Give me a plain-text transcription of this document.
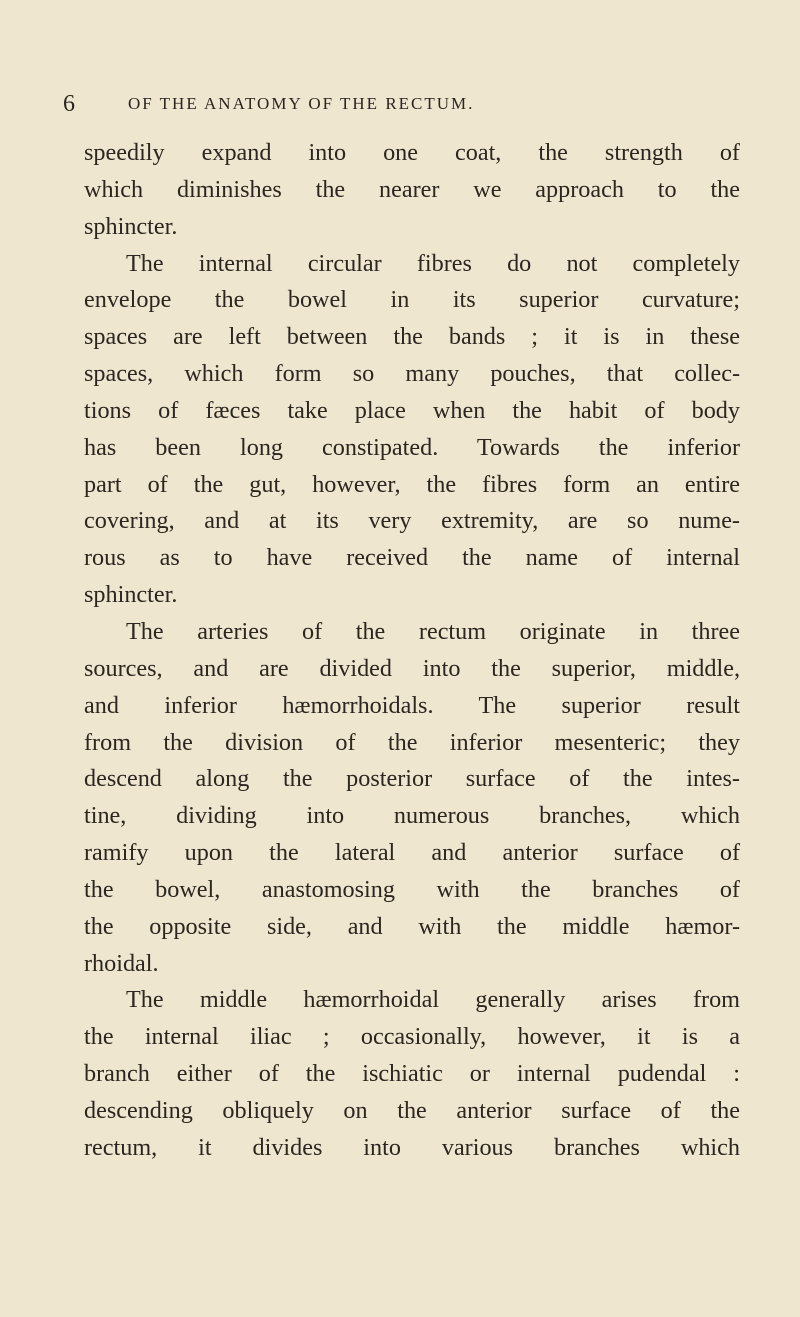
6	OF THE ANATOMY OF THE RECTUM.
speedily expand into one coat, the strength of
which diminishes the nearer we approach to the
sphincter.
The internal circular fibres do not completely
envelope the bowel in its superior curvature;
spaces are left between the bands ; it is in these
spaces, which form so many pouches, that collec-
tions of fæces take place when the habit of body
has been long constipated. Towards the inferior
part of the gut, however, the fibres form an entire
covering, and at its very extremity, are so nume-
rous as to have received the name of internal
sphincter.
The arteries of the rectum originate in three
sources, and are divided into the superior, middle,
and inferior hæmorrhoidals. The superior result
from the division of the inferior mesenteric; they
descend along the posterior surface of the intes-
tine, dividing into numerous branches, which
ramify upon the lateral and anterior surface of
the bowel, anastomosing with the branches of
the opposite side, and with the middle hæmor-
rhoidal.
The middle hæmorrhoidal generally arises from
the internal iliac ; occasionally, however, it is a
branch either of the ischiatic or internal pudendal :
descending obliquely on the anterior surface of the
rectum, it divides into various branches which
